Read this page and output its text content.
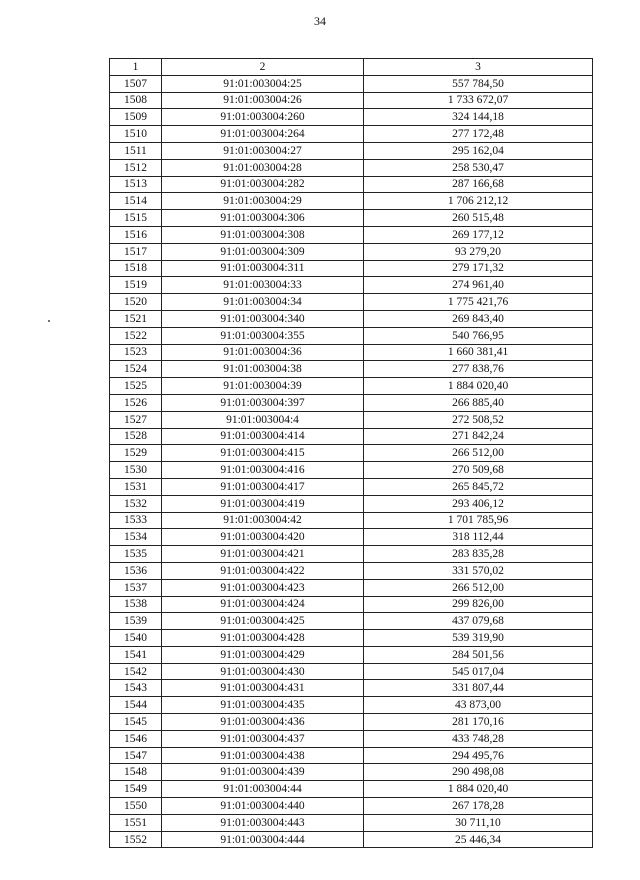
34
1	2	3
1507	91:01:003004:25	557 784,50
1508	91:01:003004:26	1 733 672,07
1509	91:01:003004:260	324 144,18
1510	91:01:003004:264	277 172,48
1511	91:01:003004:27	295 162,04
1512	91:01:003004:28	258 530,47
1513	91:01:003004:282	287 166,68
1514	91:01:003004:29	1 706 212,12
1515	91:01:003004:306	260 515,48
1516	91:01:003004:308	269 177,12
1517	91:01:003004:309	93 279,20
1518	91:01:003004:311	279 171,32
1519	91:01:003004:33	274 961,40
1520	91:01:003004:34	1 775 421,76
1521	91:01:003004:340	269 843,40
1522	91:01:003004:355	540 766,95
1523	91:01:003004:36	1 660 381,41
1524	91:01:003004:38	277 838,76
1525	91:01:003004:39	1 884 020,40
1526	91:01:003004:397	266 885,40
1527	91:01:003004:4	272 508,52
1528	91:01:003004:414	271 842,24
1529	91:01:003004:415	266 512,00
1530	91:01:003004:416	270 509,68
1531	91:01:003004:417	265 845,72
1532	91:01:003004:419	293 406,12
1533	91:01:003004:42	1 701 785,96
1534	91:01:003004:420	318 112,44
1535	91:01:003004:421	283 835,28
1536	91:01:003004:422	331 570,02
1537	91:01:003004:423	266 512,00
1538	91:01:003004:424	299 826,00
1539	91:01:003004:425	437 079,68
1540	91:01:003004:428	539 319,90
1541	91:01:003004:429	284 501,56
1542	91:01:003004:430	545 017,04
1543	91:01:003004:431	331 807,44
1544	91:01:003004:435	43 873,00
1545	91:01:003004:436	281 170,16
1546	91:01:003004:437	433 748,28
1547	91:01:003004:438	294 495,76
1548	91:01:003004:439	290 498,08
1549	91:01:003004:44	1 884 020,40
1550	91:01:003004:440	267 178,28
1551	91:01:003004:443	30 711,10
1552	91:01:003004:444	25 446,34
